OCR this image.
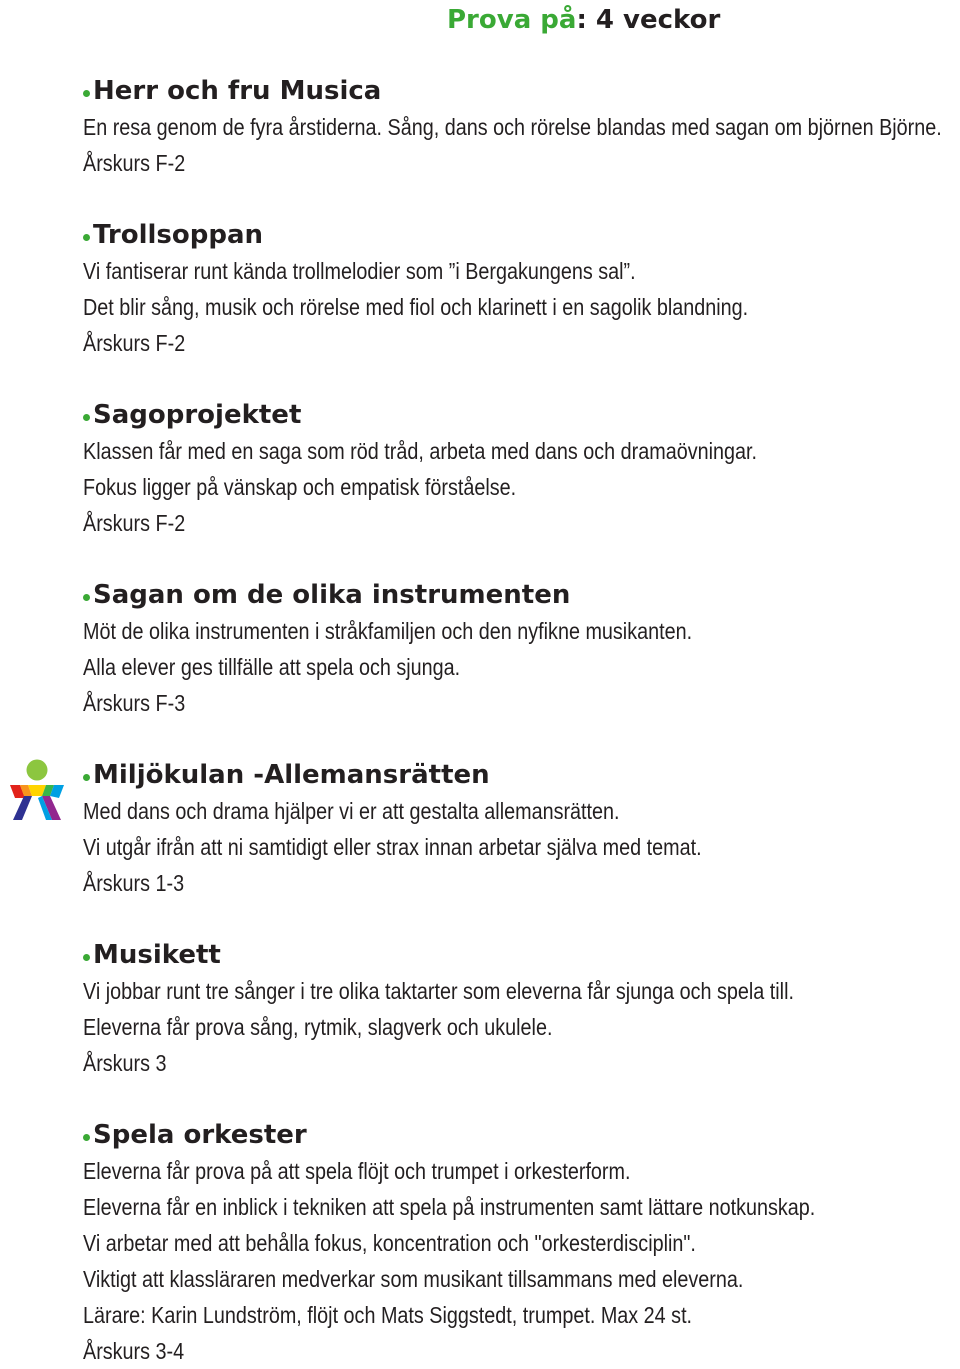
Prova på: 4 veckor
Herr och fru Musica
En resa genom de fyra årstiderna. Sång, dans och rörelse blandas med sagan om björnen Björne.
Årskurs F-2
Trollsoppan
Vi fantiserar runt kända trollmelodier som ”i Bergakungens sal”.
Det blir sång, musik och rörelse med fiol och klarinett i en sagolik blandning.
Årskurs F-2
Sagoprojektet
Klassen får med en saga som röd tråd, arbeta med dans och dramaövningar.
Fokus ligger på vänskap och empatisk förståelse.
Årskurs F-2
Sagan om de olika instrumenten
Möt de olika instrumenten i stråkfamiljen och den nyfikne musikanten.
Alla elever ges tillfälle att spela och sjunga.
Årskurs F-3
Miljökulan -Allemansrätten
Med dans och drama hjälper vi er att gestalta allemansrätten.
Vi utgår ifrån att ni samtidigt eller strax innan arbetar själva med temat.
Årskurs 1-3
Musikett
Vi jobbar runt tre sånger i tre olika taktarter som eleverna får sjunga och spela till.
Eleverna får prova sång, rytmik, slagverk och ukulele.
Årskurs 3
Spela orkester
Eleverna får prova på att spela flöjt och trumpet i orkesterform.
Eleverna får en inblick i tekniken att spela på instrumenten samt lättare notkunskap.
Vi arbetar med att behålla fokus, koncentration och "orkesterdisciplin".
Viktigt att klassläraren medverkar som musikant tillsammans med eleverna.
Lärare: Karin Lundström, flöjt och Mats Siggstedt, trumpet. Max 24 st.
Årskurs 3-4
